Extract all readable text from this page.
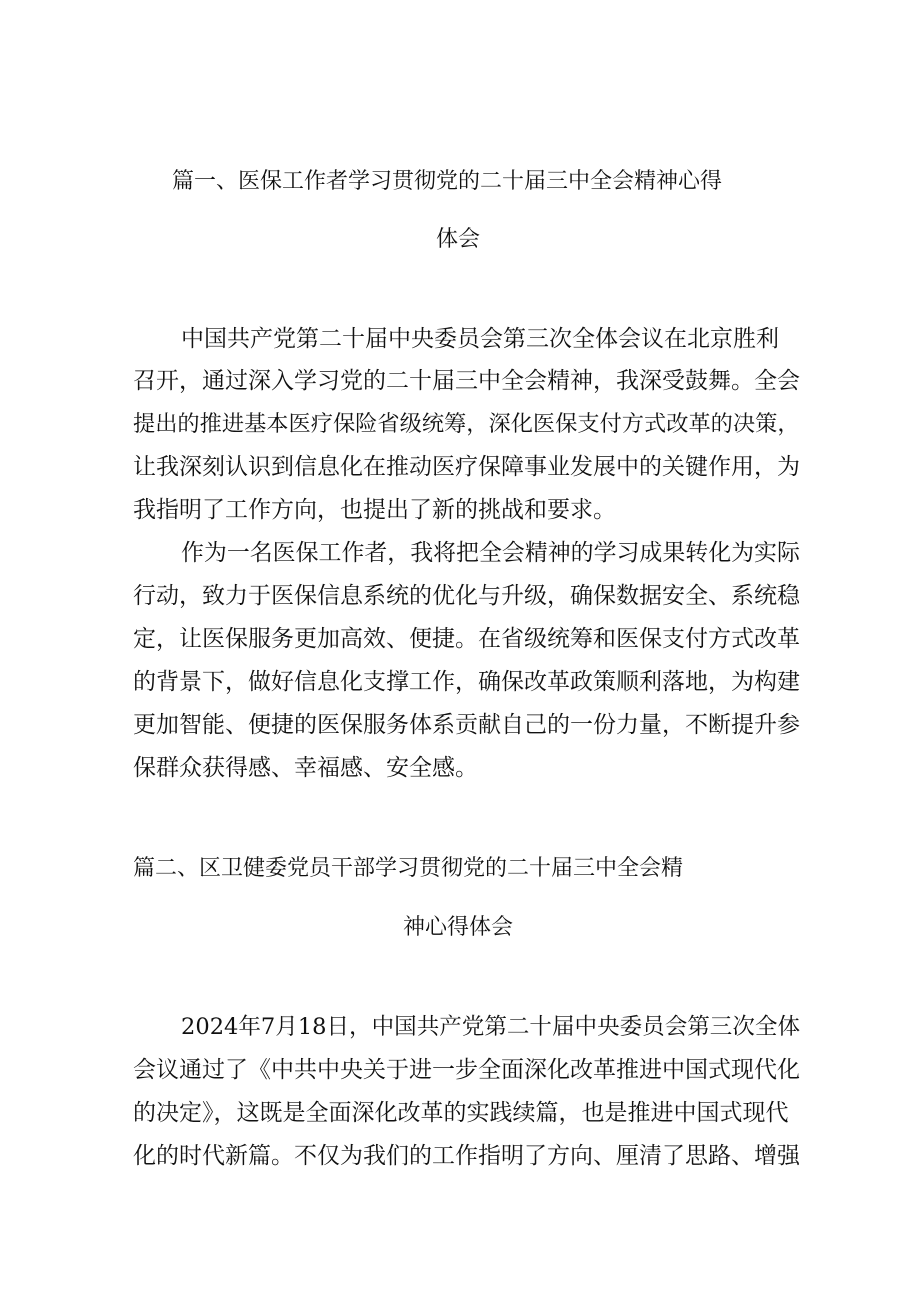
篇一、医保工作者学习贯彻党的二十届三中全会精神心得
体会
中国共产党第二十届中央委员会第三次全体会议在北京胜利
召开，通过深入学习党的二十届三中全会精神，我深受鼓舞。全会
提出的推进基本医疗保险省级统筹，深化医保支付方式改革的决策，
让我深刻认识到信息化在推动医疗保障事业发展中的关键作用，为
我指明了工作方向，也提出了新的挑战和要求。
作为一名医保工作者，我将把全会精神的学习成果转化为实际
行动，致力于医保信息系统的优化与升级，确保数据安全、系统稳
定，让医保服务更加高效、便捷。在省级统筹和医保支付方式改革
的背景下，做好信息化支撑工作，确保改革政策顺利落地，为构建
更加智能、便捷的医保服务体系贡献自己的一份力量，不断提升参
保群众获得感、幸福感、安全感。
篇二、区卫健委党员干部学习贯彻党的二十届三中全会精
神心得体会
2024年7月18日，中国共产党第二十届中央委员会第三次全体
会议通过了《中共中央关于进一步全面深化改革推进中国式现代化
的决定》，这既是全面深化改革的实践续篇，也是推进中国式现代
化的时代新篇。不仅为我们的工作指明了方向、厘清了思路、增强
